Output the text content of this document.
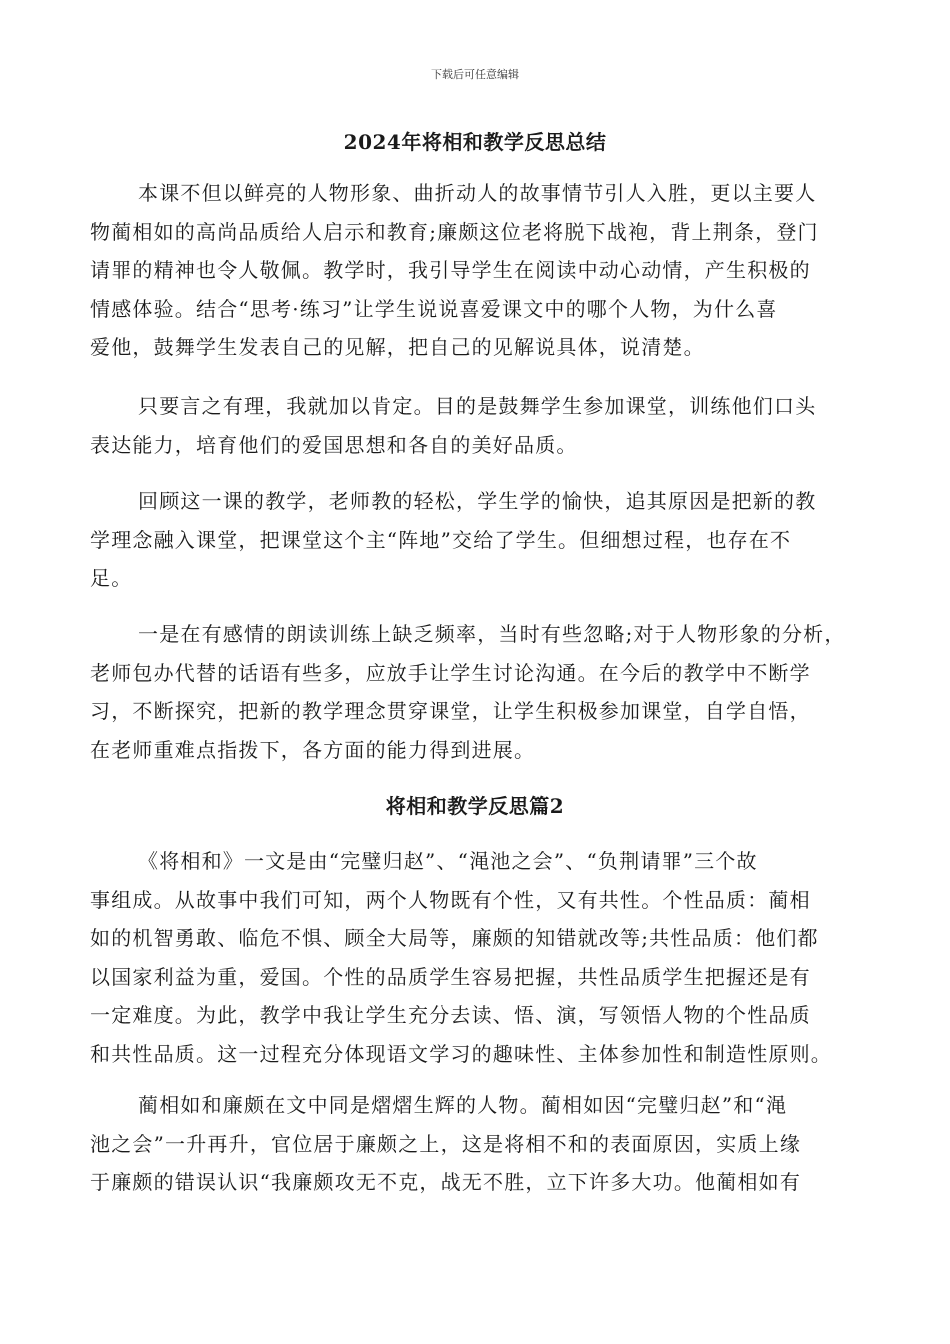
下载后可任意编辑
2024年将相和教学反思总结
本课不但以鲜亮的人物形象、曲折动人的故事情节引人入胜，更以主要人
物蔺相如的高尚品质给人启示和教育;廉颇这位老将脱下战袍，背上荆条，登门
请罪的精神也令人敬佩。教学时，我引导学生在阅读中动心动情，产生积极的
情感体验。结合“思考·练习”让学生说说喜爱课文中的哪个人物，为什么喜
爱他，鼓舞学生发表自己的见解，把自己的见解说具体，说清楚。
只要言之有理，我就加以肯定。目的是鼓舞学生参加课堂，训练他们口头
表达能力，培育他们的爱国思想和各自的美好品质。
回顾这一课的教学，老师教的轻松，学生学的愉快，追其原因是把新的教
学理念融入课堂，把课堂这个主“阵地”交给了学生。但细想过程，也存在不
足。
一是在有感情的朗读训练上缺乏频率，当时有些忽略;对于人物形象的分析，
老师包办代替的话语有些多，应放手让学生讨论沟通。在今后的教学中不断学
习，不断探究，把新的教学理念贯穿课堂，让学生积极参加课堂，自学自悟，
在老师重难点指拨下，各方面的能力得到进展。
将相和教学反思篇2
《将相和》一文是由“完璧归赵”、“渑池之会”、“负荆请罪”三个故
事组成。从故事中我们可知，两个人物既有个性，又有共性。个性品质：蔺相
如的机智勇敢、临危不惧、顾全大局等，廉颇的知错就改等;共性品质：他们都
以国家利益为重，爱国。个性的品质学生容易把握，共性品质学生把握还是有
一定难度。为此，教学中我让学生充分去读、悟、演，写领悟人物的个性品质
和共性品质。这一过程充分体现语文学习的趣味性、主体参加性和制造性原则。
蔺相如和廉颇在文中同是熠熠生辉的人物。蔺相如因“完璧归赵”和“渑
池之会”一升再升，官位居于廉颇之上，这是将相不和的表面原因，实质上缘
于廉颇的错误认识“我廉颇攻无不克，战无不胜，立下许多大功。他蔺相如有
